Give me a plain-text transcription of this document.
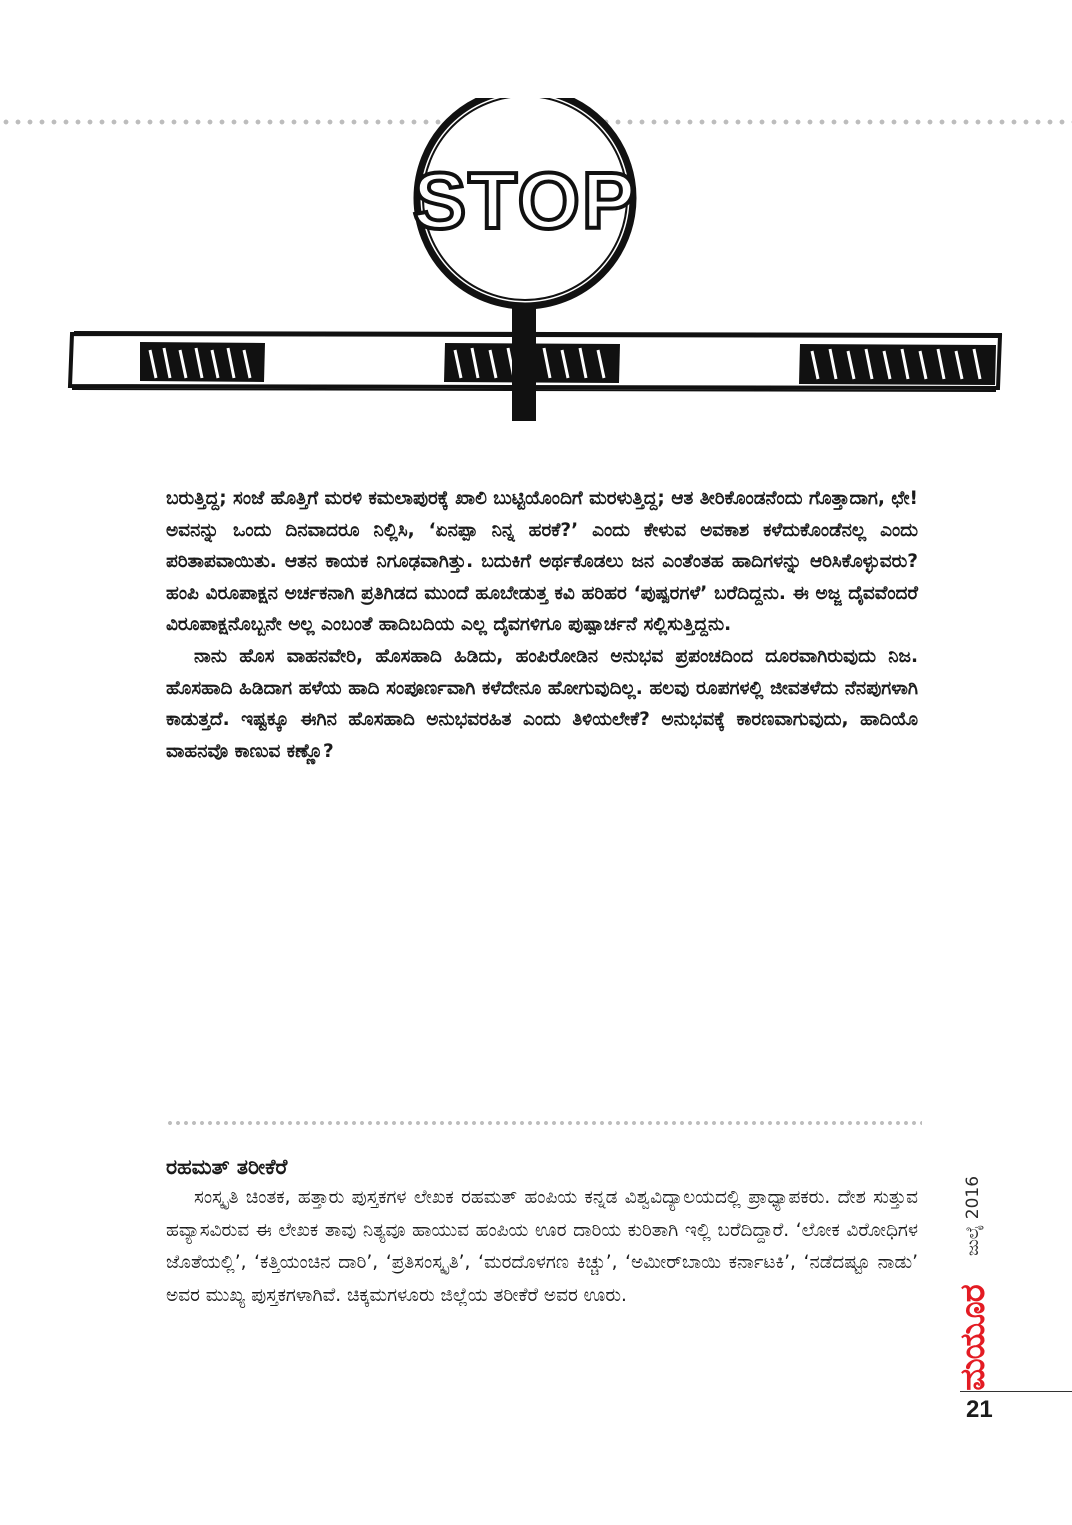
STOP

ಬರುತ್ತಿದ್ದ; ಸಂಜೆ ಹೊತ್ತಿಗೆ ಮರಳಿ ಕಮಲಾಪುರಕ್ಕೆ ಖಾಲಿ ಬುಟ್ಟಿಯೊಂದಿಗೆ ಮರಳುತ್ತಿದ್ದ; ಆತ ತೀರಿಕೊಂಡನೆಂದು ಗೊತ್ತಾದಾಗ, ಛೇ! ಅವನನ್ನು ಒಂದು ದಿನವಾದರೂ ನಿಲ್ಲಿಸಿ, ‘ಏನಪ್ಪಾ ನಿನ್ನ ಹರಕೆ?’ ಎಂದು ಕೇಳುವ ಅವಕಾಶ ಕಳೆದುಕೊಂಡೆನಲ್ಲ ಎಂದು ಪರಿತಾಪವಾಯಿತು. ಆತನ ಕಾಯಕ ನಿಗೂಢವಾಗಿತ್ತು. ಬದುಕಿಗೆ ಅರ್ಥಕೊಡಲು ಜನ ಎಂತೆಂತಹ ಹಾದಿಗಳನ್ನು ಆರಿಸಿಕೊಳ್ಳುವರು? ಹಂಪಿ ವಿರೂಪಾಕ್ಷನ ಅರ್ಚಕನಾಗಿ ಪ್ರತಿಗಿಡದ ಮುಂದೆ ಹೂಬೇಡುತ್ತ ಕವಿ ಹರಿಹರ ‘ಪುಷ್ಪರಗಳೆ’ ಬರೆದಿದ್ದನು. ಈ ಅಜ್ಜ ದೈವವೆಂದರೆ ವಿರೂಪಾಕ್ಷನೊಬ್ಬನೇ ಅಲ್ಲ ಎಂಬಂತೆ ಹಾದಿಬದಿಯ ಎಲ್ಲ ದೈವಗಳಿಗೂ ಪುಷ್ಪಾರ್ಚನೆ ಸಲ್ಲಿಸುತ್ತಿದ್ದನು.

ನಾನು ಹೊಸ ವಾಹನವೇರಿ, ಹೊಸಹಾದಿ ಹಿಡಿದು, ಹಂಪಿರೋಡಿನ ಅನುಭವ ಪ್ರಪಂಚದಿಂದ ದೂರವಾಗಿರುವುದು ನಿಜ. ಹೊಸಹಾದಿ ಹಿಡಿದಾಗ ಹಳೆಯ ಹಾದಿ ಸಂಪೂರ್ಣವಾಗಿ ಕಳೆದೇನೂ ಹೋಗುವುದಿಲ್ಲ. ಹಲವು ರೂಪಗಳಲ್ಲಿ ಜೀವತಳೆದು ನೆನಪುಗಳಾಗಿ ಕಾಡುತ್ತದೆ. ಇಷ್ಟಕ್ಕೂ ಈಗಿನ ಹೊಸಹಾದಿ ಅನುಭವರಹಿತ ಎಂದು ತಿಳಿಯಲೇಕೆ? ಅನುಭವಕ್ಕೆ ಕಾರಣವಾಗುವುದು, ಹಾದಿಯೊ ವಾಹನವೊ ಕಾಣುವ ಕಣ್ಣೊ?

ರಹಮತ್ ತರೀಕೆರೆ

ಸಂಸ್ಕೃತಿ ಚಿಂತಕ, ಹತ್ತಾರು ಪುಸ್ತಕಗಳ ಲೇಖಕ ರಹಮತ್ ಹಂಪಿಯ ಕನ್ನಡ ವಿಶ್ವವಿದ್ಯಾಲಯದಲ್ಲಿ ಪ್ರಾಧ್ಯಾಪಕರು. ದೇಶ ಸುತ್ತುವ ಹವ್ಯಾಸವಿರುವ ಈ ಲೇಖಕ ತಾವು ನಿತ್ಯವೂ ಹಾಯುವ ಹಂಪಿಯ ಊರ ದಾರಿಯ ಕುರಿತಾಗಿ ಇಲ್ಲಿ ಬರೆದಿದ್ದಾರೆ. ‘ಲೋಕ ವಿರೋಧಿಗಳ ಜೊತೆಯಲ್ಲಿ’, ‘ಕತ್ತಿಯಂಚಿನ ದಾರಿ’, ‘ಪ್ರತಿಸಂಸ್ಕೃತಿ’, ‘ಮರದೊಳಗಣ ಕಿಚ್ಚು’, ‘ಅಮೀರ್‌ಬಾಯಿ ಕರ್ನಾಟಕಿ’, ‘ನಡೆದಷ್ಟೂ ನಾಡು’ ಅವರ ಮುಖ್ಯ ಪುಸ್ತಕಗಳಾಗಿವೆ. ಚಿಕ್ಕಮಗಳೂರು ಜಿಲ್ಲೆಯ ತರೀಕೆರೆ ಅವರ ಊರು.

ಜುಲೈ 2016
ಮಯೂರ
21
